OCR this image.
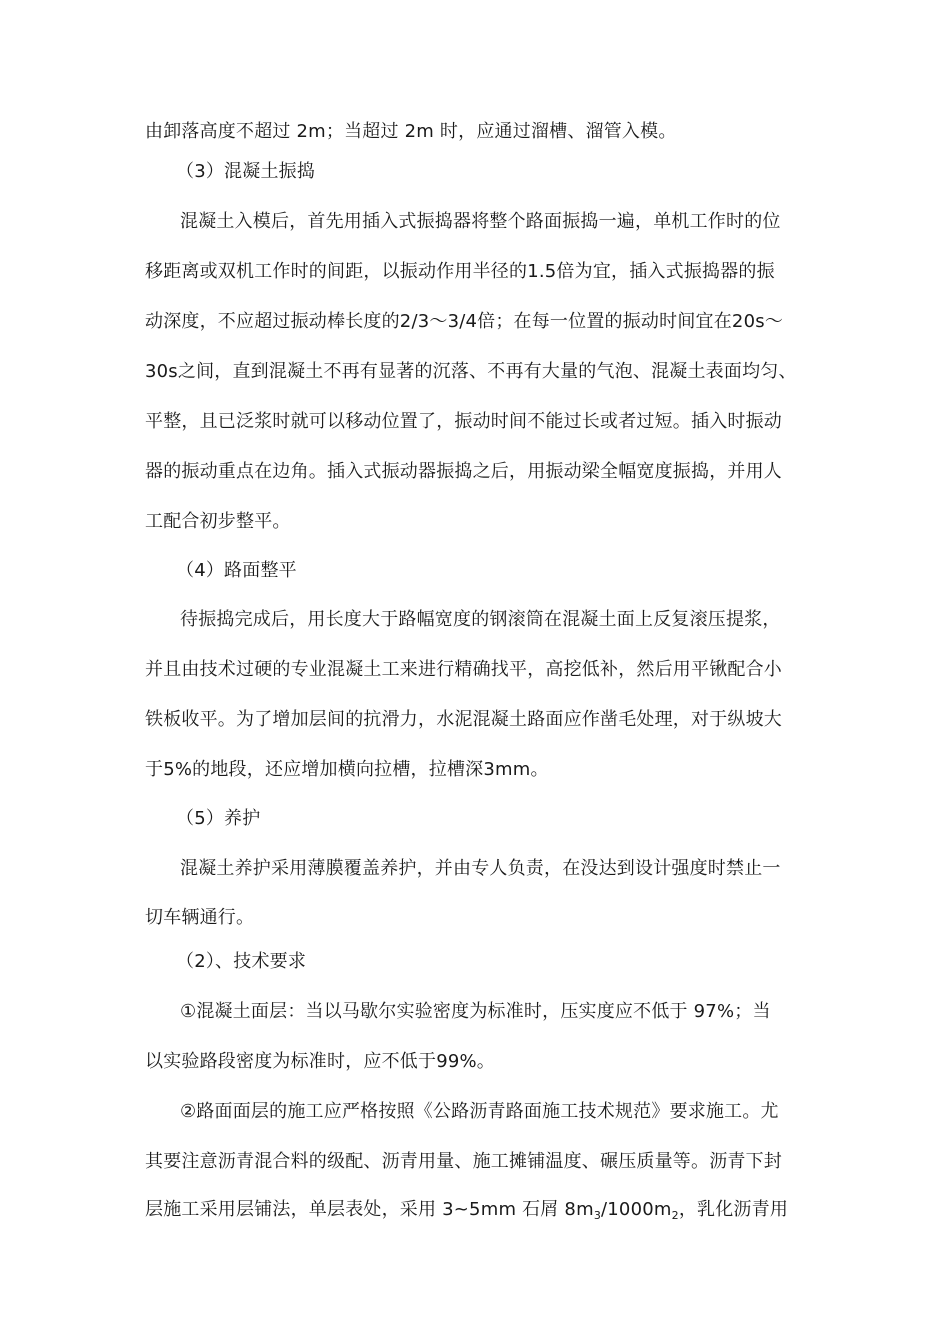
由卸落高度不超过 2m；当超过 2m 时，应通过溜槽、溜管入模。
（3）混凝土振捣
混凝土入模后，首先用插入式振捣器将整个路面振捣一遍，单机工作时的位
移距离或双机工作时的间距，以振动作用半径的1.5倍为宜，插入式振捣器的振
动深度，不应超过振动棒长度的2/3～3/4倍；在每一位置的振动时间宜在20s～
30s之间，直到混凝土不再有显著的沉落、不再有大量的气泡、混凝土表面均匀、
平整，且已泛浆时就可以移动位置了，振动时间不能过长或者过短。插入时振动
器的振动重点在边角。插入式振动器振捣之后，用振动梁全幅宽度振捣，并用人
工配合初步整平。
（4）路面整平
待振捣完成后，用长度大于路幅宽度的钢滚筒在混凝土面上反复滚压提浆，
并且由技术过硬的专业混凝土工来进行精确找平，高挖低补，然后用平锹配合小
铁板收平。为了增加层间的抗滑力，水泥混凝土路面应作凿毛处理，对于纵坡大
于5%的地段，还应增加横向拉槽，拉槽深3mm。
（5）养护
混凝土养护采用薄膜覆盖养护，并由专人负责，在没达到设计强度时禁止一
切车辆通行。
（2）、技术要求
①混凝土面层：当以马歇尔实验密度为标准时，压实度应不低于 97%；当
以实验路段密度为标准时，应不低于99%。
②路面面层的施工应严格按照《公路沥青路面施工技术规范》要求施工。尤
其要注意沥青混合料的级配、沥青用量、施工摊铺温度、碾压质量等。沥青下封
层施工采用层铺法，单层表处，采用 3~5mm 石屑 $8m_3/1000m_2$，乳化沥青用
